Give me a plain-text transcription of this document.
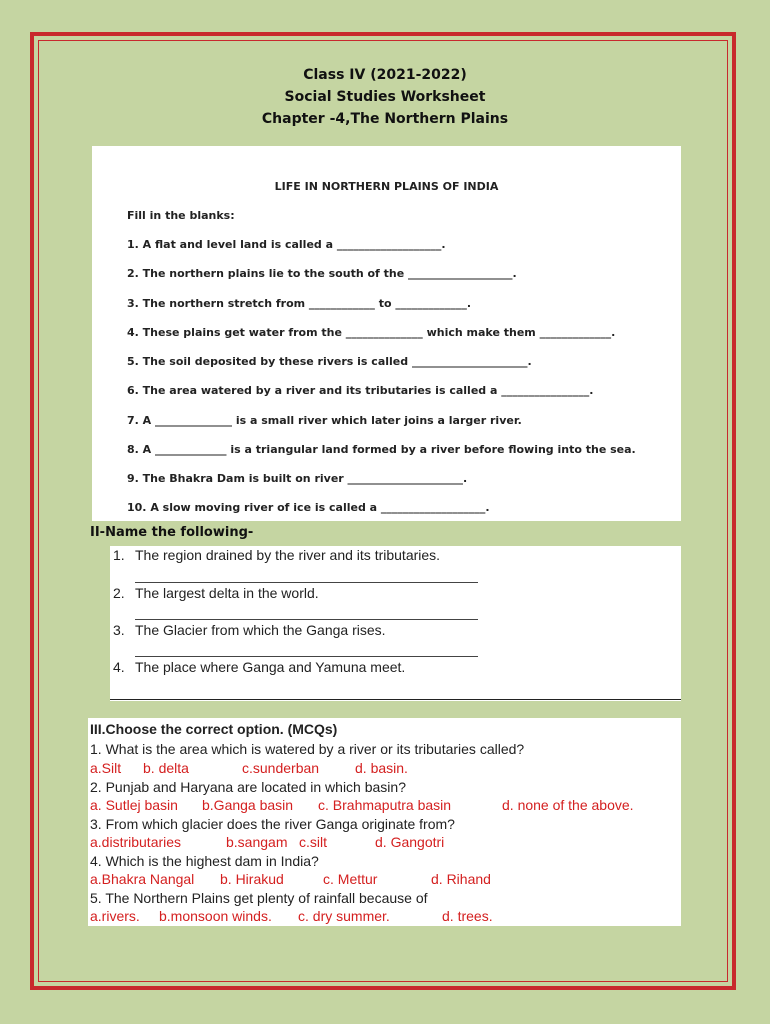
Class IV (2021-2022)
Social Studies Worksheet
Chapter -4,The Northern Plains
LIFE IN NORTHERN PLAINS OF INDIA
Fill in the blanks:
1. A flat and level land is called a ___________________.
2. The northern plains lie to the south of the ___________________.
3. The northern stretch from ____________ to _____________.
4. These plains get water from the ______________ which make them _____________.
5. The soil deposited by these rivers is called _____________________.
6. The area watered by a river and its tributaries is called a ________________.
7. A ______________ is a small river which later joins a larger river.
8. A _____________ is a triangular land formed by a river before flowing into the sea.
9. The Bhakra Dam is built on river _____________________.
10. A slow moving river of ice is called a ___________________.
II-Name the following-
1. The region drained by the river and its tributaries.
2. The largest delta in the world.
3. The Glacier from which the Ganga rises.
4. The place where Ganga and Yamuna meet.
III.Choose the correct option. (MCQs)
1. What is the area which is watered by a river or its tributaries called?
a.Silt b. delta	c.sunderban	d. basin.
2. Punjab and Haryana are located in which basin?
a. Sutlej basin b.Ganga basin c. Brahmaputra basin	d. none of the above.
3. From which glacier does the river Ganga originate from?
a.distributaries	b.sangam c.silt	d. Gangotri
4. Which is the highest dam in India?
a.Bhakra Nangal b. Hirakud	c. Mettur	d. Rihand
5. The Northern Plains get plenty of rainfall because of
a.rivers. b.monsoon winds. c. dry summer.	d. trees.
